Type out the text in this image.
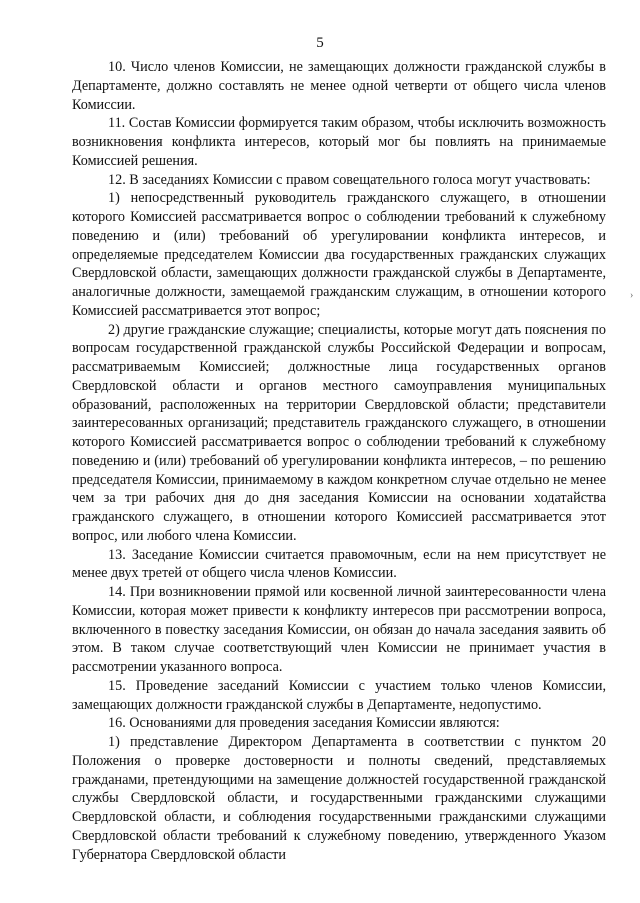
5
›

10. Число членов Комиссии, не замещающих должности гражданской службы в Департаменте, должно составлять не менее одной четверти от общего числа членов Комиссии.

11. Состав Комиссии формируется таким образом, чтобы исключить возможность возникновения конфликта интересов, который мог бы повлиять на принимаемые Комиссией решения.

12. В заседаниях Комиссии с правом совещательного голоса могут участвовать:

1) непосредственный руководитель гражданского служащего, в отношении которого Комиссией рассматривается вопрос о соблюдении требований к служебному поведению и (или) требований об урегулировании конфликта интересов, и определяемые председателем Комиссии два государственных гражданских служащих Свердловской области, замещающих должности гражданской службы в Департаменте, аналогичные должности, замещаемой гражданским служащим, в отношении которого Комиссией рассматривается этот вопрос;

2) другие гражданские служащие; специалисты, которые могут дать пояснения по вопросам государственной гражданской службы Российской Федерации и вопросам, рассматриваемым Комиссией; должностные лица государственных органов Свердловской области и органов местного самоуправления муниципальных образований, расположенных на территории Свердловской области; представители заинтересованных организаций; представитель гражданского служащего, в отношении которого Комиссией рассматривается вопрос о соблюдении требований к служебному поведению и (или) требований об урегулировании конфликта интересов, – по решению председателя Комиссии, принимаемому в каждом конкретном случае отдельно не менее чем за три рабочих дня до дня заседания Комиссии на основании ходатайства гражданского служащего, в отношении которого Комиссией рассматривается этот вопрос, или любого члена Комиссии.

13. Заседание Комиссии считается правомочным, если на нем присутствует не менее двух третей от общего числа членов Комиссии.

14. При возникновении прямой или косвенной личной заинтересованности члена Комиссии, которая может привести к конфликту интересов при рассмотрении вопроса, включенного в повестку заседания Комиссии, он обязан до начала заседания заявить об этом. В таком случае соответствующий член Комиссии не принимает участия в рассмотрении указанного вопроса.

15. Проведение заседаний Комиссии с участием только членов Комиссии, замещающих должности гражданской службы в Департаменте, недопустимо.

16. Основаниями для проведения заседания Комиссии являются:

1) представление Директором Департамента в соответствии с пунктом 20 Положения о проверке достоверности и полноты сведений, представляемых гражданами, претендующими на замещение должностей государственной гражданской службы Свердловской области, и государственными гражданскими служащими Свердловской области, и соблюдения государственными гражданскими служащими Свердловской области требований к служебному поведению, утвержденного Указом Губернатора Свердловской области
